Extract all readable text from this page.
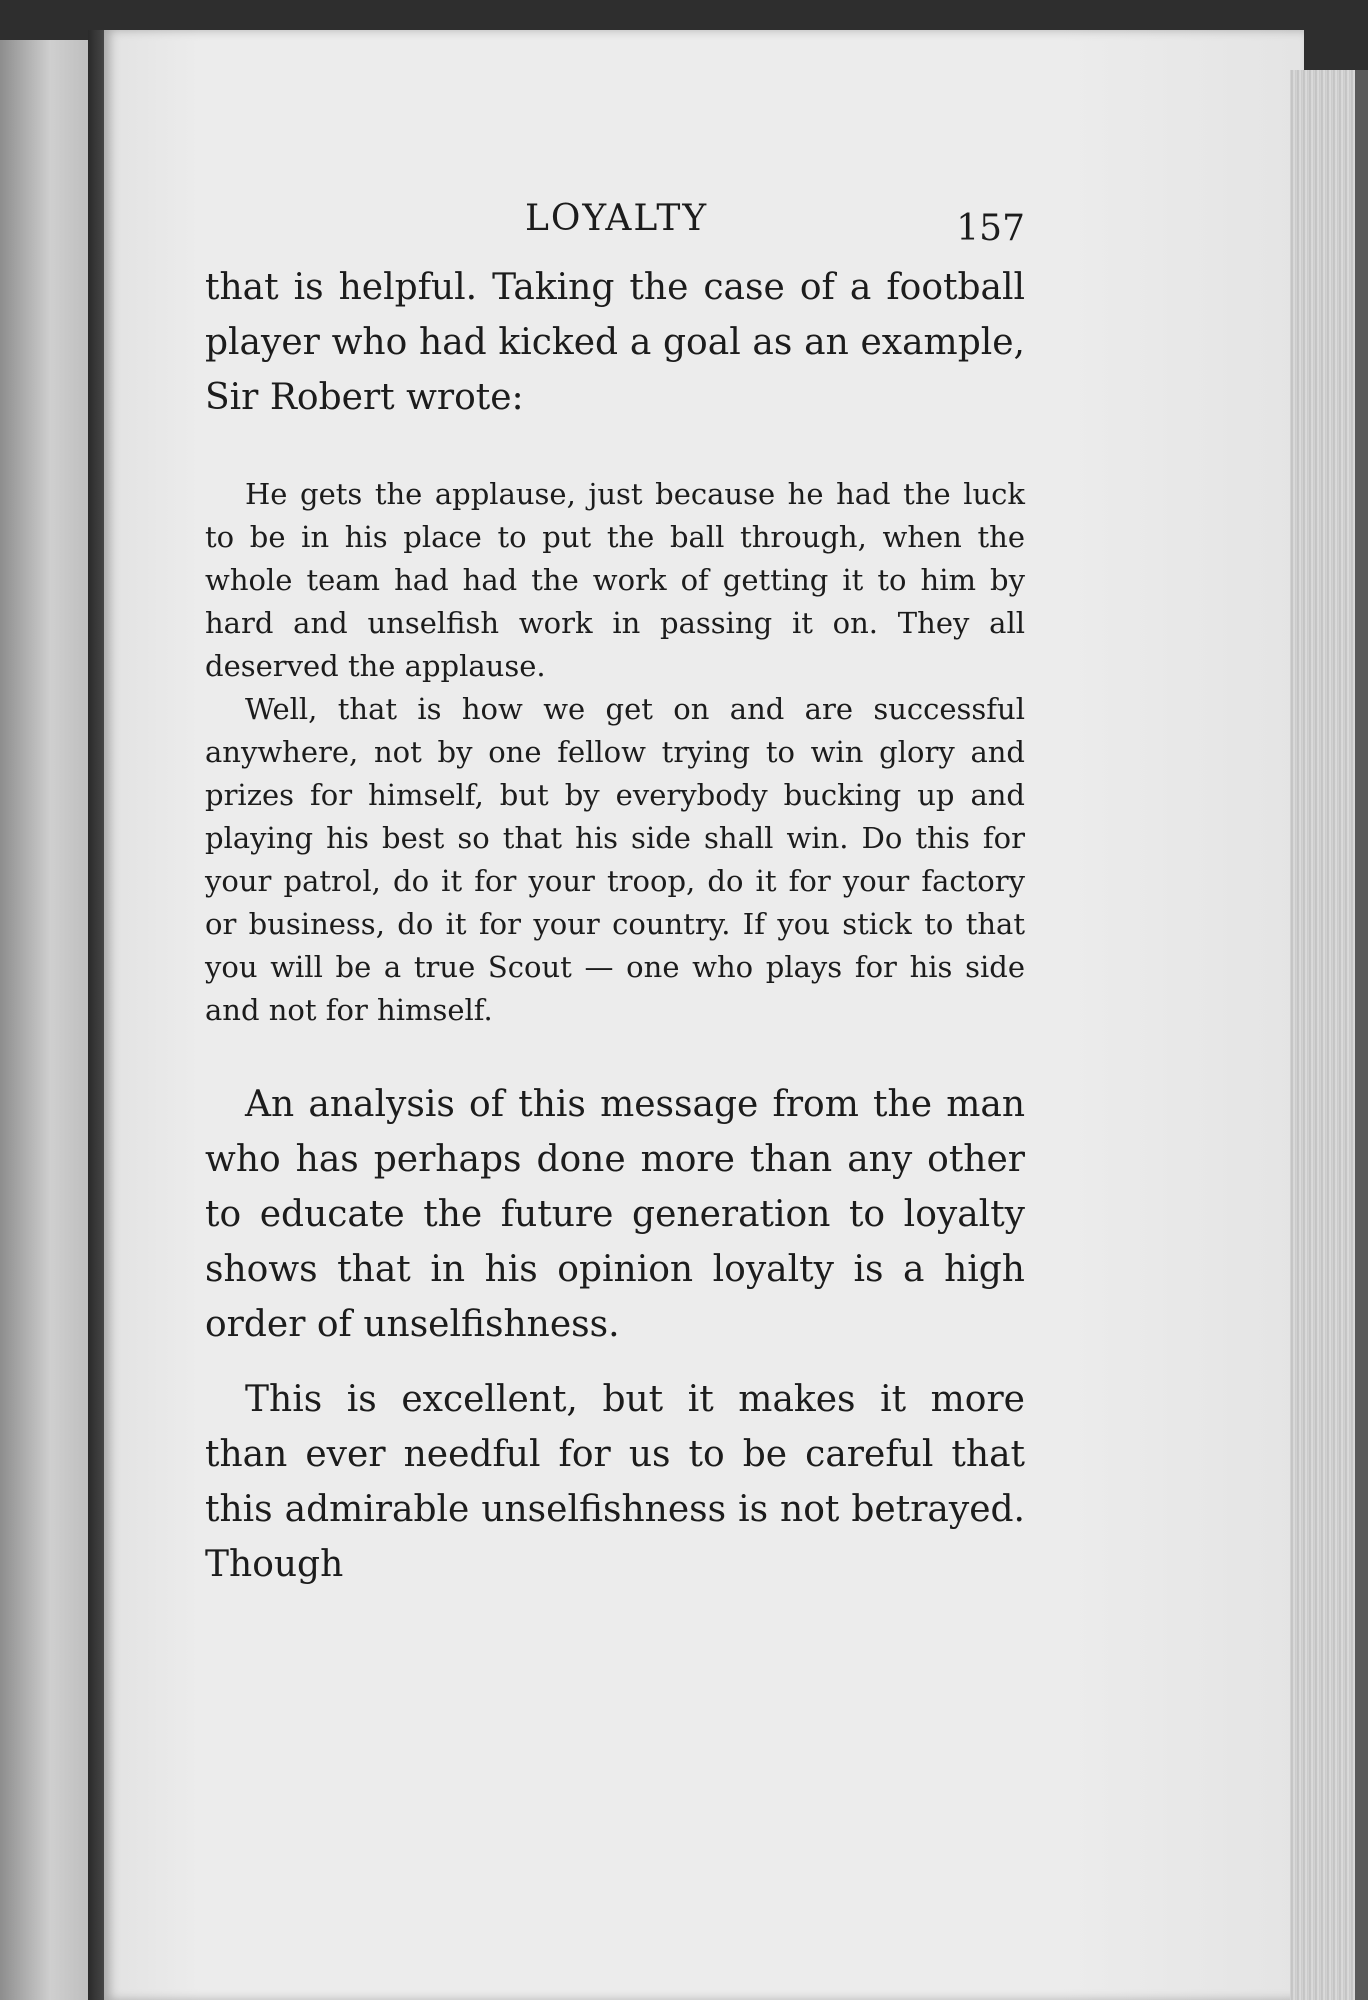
LOYALTY	157

that is helpful. Taking the case of a football player who had kicked a goal as an example, Sir Robert wrote:

He gets the applause, just because he had the luck to be in his place to put the ball through, when the whole team had had the work of getting it to him by hard and unselfish work in passing it on. They all deserved the applause.

Well, that is how we get on and are successful anywhere, not by one fellow trying to win glory and prizes for himself, but by everybody bucking up and playing his best so that his side shall win. Do this for your patrol, do it for your troop, do it for your factory or business, do it for your country. If you stick to that you will be a true Scout — one who plays for his side and not for himself.

An analysis of this message from the man who has perhaps done more than any other to educate the future generation to loyalty shows that in his opinion loyalty is a high order of unselfishness.

This is excellent, but it makes it more than ever needful for us to be careful that this admirable unselfishness is not betrayed. Though
